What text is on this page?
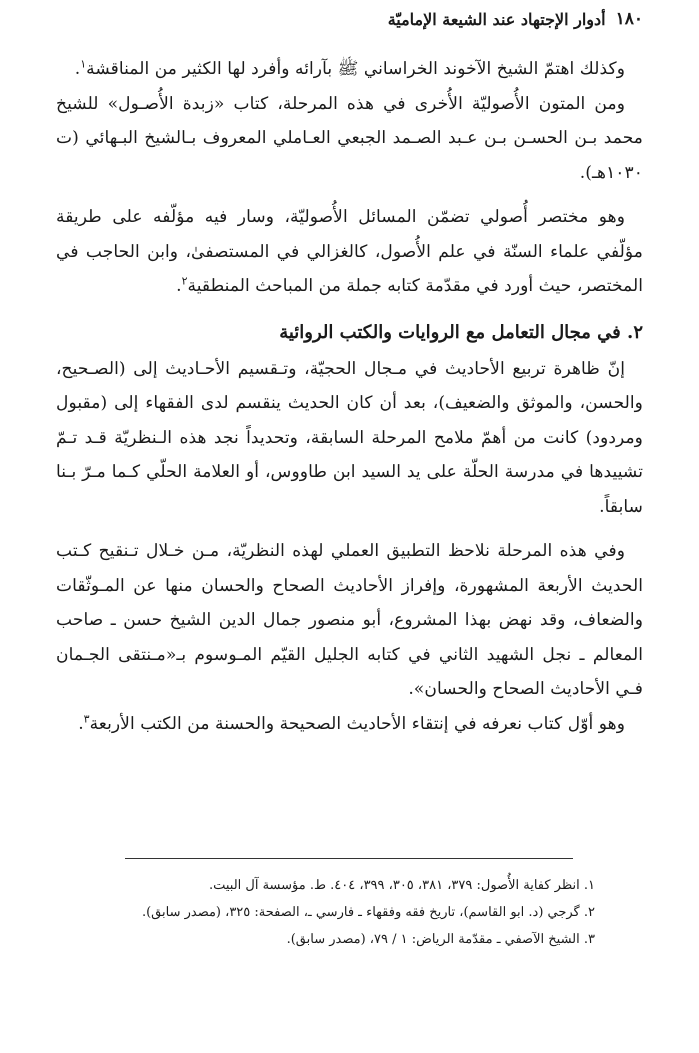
١٨٠
أدوار الإجتهاد عند الشيعة الإماميّة

وكذلك اهتمّ الشيخ الآخوند الخراساني ﷺ بآرائه وأفرد لها الكثير من المناقشة$^١$.

ومن المتون الأُصوليّة الأُخرى في هذه المرحلة، كتاب «زبدة الأُصـول» للشيخ محمد بـن الحسـن بـن عـبد الصـمد الجبعي العـاملي المعروف بـالشيخ البـهائي (ت ١٠٣٠هـ).

وهو مختصر أُصولي تضمّن المسائل الأُصوليّة، وسار فيه مؤلّفه على طريقة مؤلّفي علماء السنّة في علم الأُصول، كالغزالي في المستصفىٰ، وابن الحاجب في المختصر، حيث أورد في مقدّمة كتابه جملة من المباحث المنطقية$^٢$.

٢. في مجال التعامل مع الروايات والكتب الروائية

إنّ ظاهرة تربيع الأحاديث في مـجال الحجيّة، وتـقسيم الأحـاديث إلى (الصـحيح، والحسن، والموثق والضعيف)، بعد أن كان الحديث ينقسم لدى الفقهاء إلى (مقبول ومردود) كانت من أهمّ ملامح المرحلة السابقة، وتحديداً نجد هذه الـنظريّة قـد تـمّ تشييدها في مدرسة الحلّة على يد السيد ابن طاووس، أو العلامة الحلّي كـما مـرّ بـنا سابقاً.

وفي هذه المرحلة نلاحظ التطبيق العملي لهذه النظريّة، مـن خـلال تـنقيح كـتب الحديث الأربعة المشهورة، وإفراز الأحاديث الصحاح والحسان منها عن المـوثّقات والضعاف، وقد نهض بهذا المشروع، أبو منصور جمال الدين الشيخ حسن ـ صاحب المعالم ـ نجل الشهيد الثاني في كتابه الجليل القيّم المـوسوم بـ«مـنتقى الجـمان فـي الأحاديث الصحاح والحسان».

وهو أوّل كتاب نعرفه في إنتقاء الأحاديث الصحيحة والحسنة من الكتب الأربعة$^٣$.

١. انظر كفاية الأُصول: ٣٧٩، ٣٨١، ٣٠٥، ٣٩٩، ٤٠٤. ط. مؤسسة آل البيت.
٢. گرجي (د. ابو القاسم)، تاريخ فقه وفقهاء ـ فارسي ـ، الصفحة: ٣٢٥، (مصدر سابق).
٣. الشيخ الآصفي ـ مقدّمة الرياض: ١ / ٧٩، (مصدر سابق).
